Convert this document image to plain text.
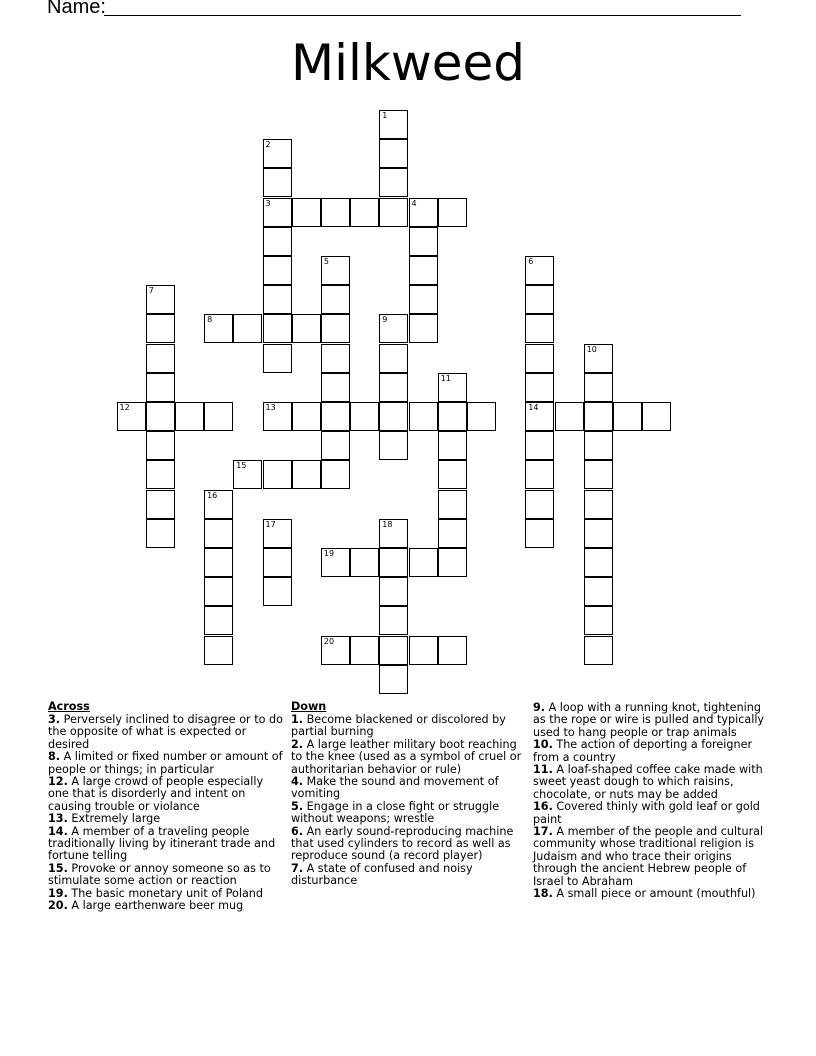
Name:
Milkweed
1
2
3	4
5	6
14
7
8	9
10
11
12	13
15
16
17	18
19
20
Across
3. Perversely inclined to disagree or to do the opposite of what is expected or desired
8. A limited or fixed number or amount of people or things; in particular
12. A large crowd of people especially one that is disorderly and intent on causing trouble or violance
13. Extremely large
14. A member of a traveling people traditionally living by itinerant trade and fortune telling
15. Provoke or annoy someone so as to stimulate some action or reaction
19. The basic monetary unit of Poland
20. A large earthenware beer mug
Down
1. Become blackened or discolored by partial burning
2. A large leather military boot reaching to the knee (used as a symbol of cruel or authoritarian behavior or rule)
4. Make the sound and movement of vomiting
5. Engage in a close fight or struggle without weapons; wrestle
6. An early sound-reproducing machine that used cylinders to record as well as reproduce sound (a record player)
7. A state of confused and noisy disturbance
9. A loop with a running knot, tightening as the rope or wire is pulled and typically used to hang people or trap animals
10. The action of deporting a foreigner from a country
11. A loaf-shaped coffee cake made with sweet yeast dough to which raisins, chocolate, or nuts may be added
16. Covered thinly with gold leaf or gold paint
17. A member of the people and cultural community whose traditional religion is Judaism and who trace their origins through the ancient Hebrew people of Israel to Abraham
18. A small piece or amount (mouthful)
